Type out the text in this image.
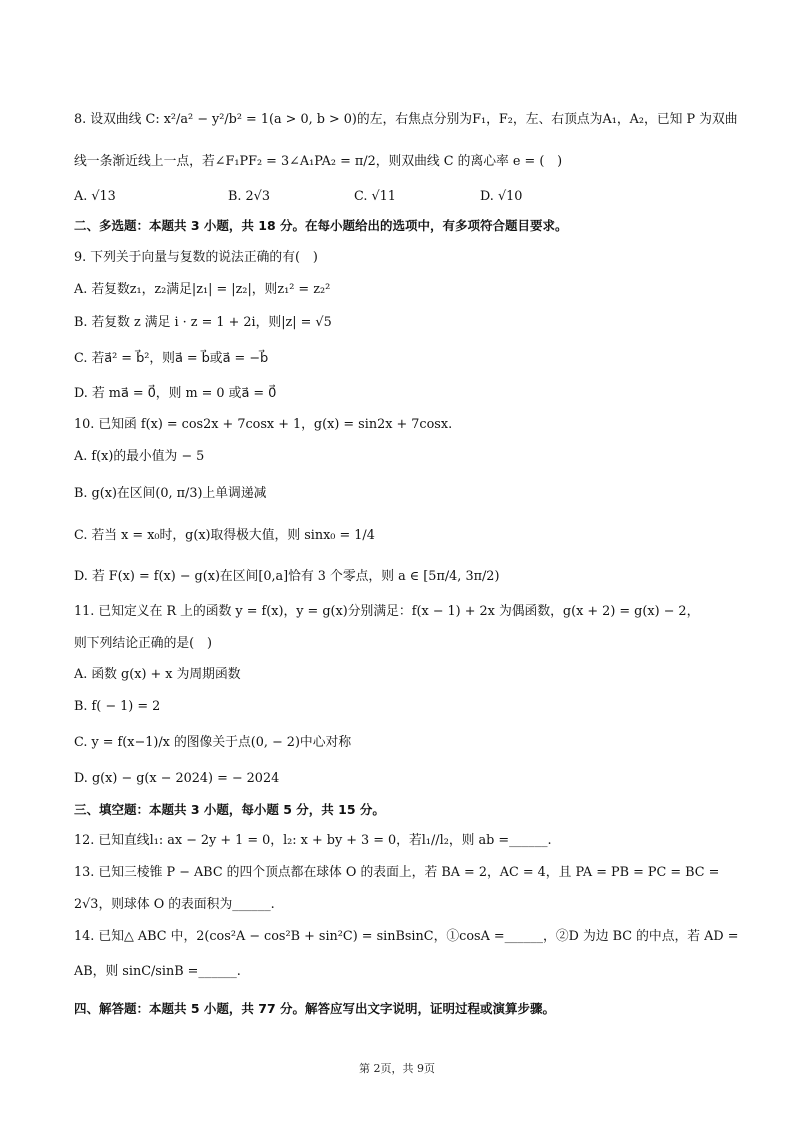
8. 设双曲线 C: x²/a² − y²/b² = 1(a > 0, b > 0)的左，右焦点分别为F₁，F₂，左、右顶点为A₁，A₂，已知 P 为双曲
线一条渐近线上一点，若∠F₁PF₂ = 3∠A₁PA₂ = π/2，则双曲线 C 的离心率 e = (　)
A. √13	B. 2√3	C. √11	D. √10
二、多选题：本题共 3 小题，共 18 分。在每小题给出的选项中，有多项符合题目要求。
9. 下列关于向量与复数的说法正确的有(　)
A. 若复数z₁，z₂满足|z₁| = |z₂|，则z₁² = z₂²
B. 若复数 z 满足 i · z = 1 + 2i，则|z| = √5
C. 若a⃗² = b⃗²，则a⃗ = b⃗或a⃗ = −b⃗
D. 若 ma⃗ = 0⃗，则 m = 0 或a⃗ = 0⃗
10. 已知函 f(x) = cos2x + 7cosx + 1，g(x) = sin2x + 7cosx.
A. f(x)的最小值为 − 5
B. g(x)在区间(0, π/3)上单调递减
C. 若当 x = x₀时，g(x)取得极大值，则 sinx₀ = 1/4
D. 若 F(x) = f(x) − g(x)在区间[0,a]恰有 3 个零点，则 a ∈ [5π/4, 3π/2)
11. 已知定义在 R 上的函数 y = f(x)，y = g(x)分别满足：f(x − 1) + 2x 为偶函数，g(x + 2) = g(x) − 2，
则下列结论正确的是(　)
A. 函数 g(x) + x 为周期函数
B. f( − 1) = 2
C. y = f(x−1)/x 的图像关于点(0, − 2)中心对称
D. g(x) − g(x − 2024) = − 2024
三、填空题：本题共 3 小题，每小题 5 分，共 15 分。
12. 已知直线l₁: ax − 2y + 1 = 0，l₂: x + by + 3 = 0，若l₁//l₂，则 ab =______.
13. 已知三棱锥 P − ABC 的四个顶点都在球体 O 的表面上，若 BA = 2，AC = 4，且 PA = PB = PC = BC =
2√3，则球体 O 的表面积为______.
14. 已知△ ABC 中，2(cos²A − cos²B + sin²C) = sinBsinC，①cosA =______，②D 为边 BC 的中点，若 AD =
AB，则 sinC/sinB =______.
四、解答题：本题共 5 小题，共 77 分。解答应写出文字说明，证明过程或演算步骤。
第 2页，共 9页
